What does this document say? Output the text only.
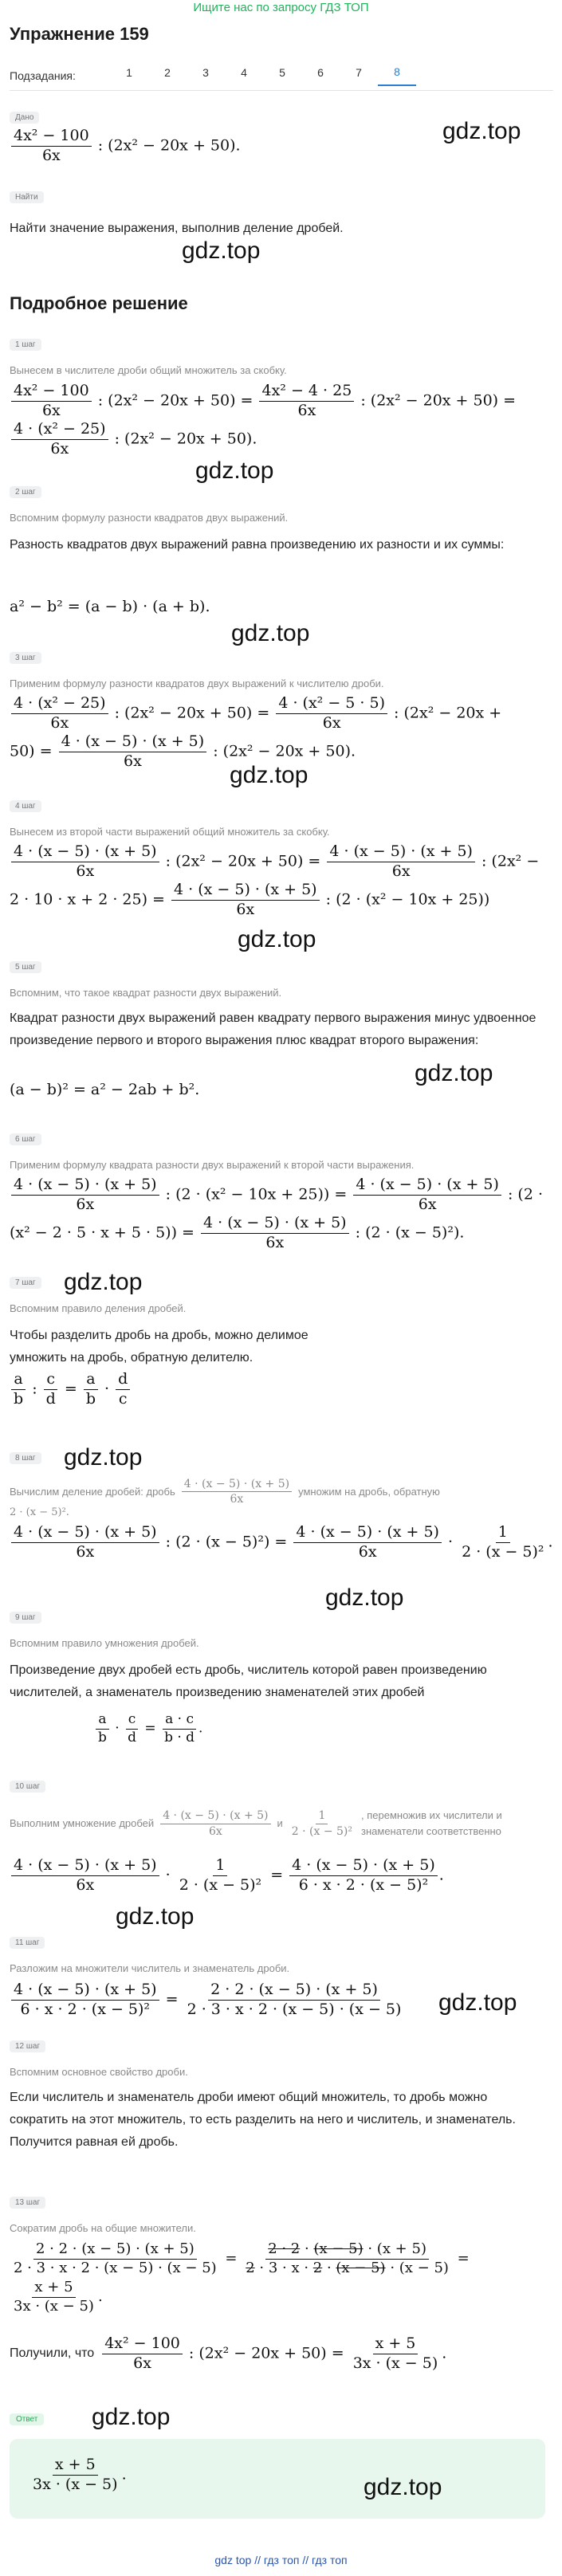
Ищите нас по запросу ГДЗ ТОП
Упражнение 159
Подзадания:	1	2	3	4	5	6	7	8
Дано
$\frac{\text{4x² − 100}}{6x}$ : (2x² − 20x + 50).
gdz.top
Найти
Найти значение выражения, выполнив деление дробей.
gdz.top
Подробное решение
1 шаг
Вынесем в числителе дроби общий множитель за скобку.
$\frac{\text{4x² − 100}}{6x}$ : $(2x^2 - 20x + 50) = \frac{\text{4x² − 4 · 25}}{6x}$ : (2x² − 20x + 50) =
$\frac{\text{4 · (x² − 25)}}{6x}$ : (2x² − 20x + 50).
gdz.top
2 шаг
Вспомним формулу разности квадратов двух выражений.
Разность квадратов двух выражений равна произведению их разности и их суммы:
a² − b² = (a − b) · (a + b).
gdz.top
3 шаг
Применим формулу разности квадратов двух выражений к числителю дроби.
$\frac{\text{4 · (x² − 25)}}{6x}$ : $(2x^2 - 20x + 50) = \frac{\text{4 · (x² − 5 · 5)}}{6x}$ : (2x² − 20x +
$50) = \frac{4 \cdot (x - 5) \cdot (x + 5)}{6x}$ : (2x² − 20x + 50).
gdz.top
4 шаг
Вынесем из второй части выражений общий множитель за скобку.
$\frac{4 \cdot (x - 5) \cdot (x + 5)}{6x}$ : $(2x^2 - 20x + 50) = \frac{4 \cdot (x - 5) \cdot (x + 5)}{6x}$ : (2x² −
$2 \cdot 10 \cdot x + 2 \cdot 25) = \frac{4 \cdot (x - 5) \cdot (x + 5)}{6x}$ : (2 · (x² − 10x + 25))
gdz.top
5 шаг
Вспомним, что такое квадрат разности двух выражений.
Квадрат разности двух выражений равен квадрату первого выражения минус удвоенное произведение первого и второго выражения плюс квадрат второго выражения:
(a − b)² = a² − 2ab + b².
gdz.top
6 шаг
Применим формулу квадрата разности двух выражений к второй части выражения.
$\frac{4 \cdot (x - 5) \cdot (x + 5)}{6x}$ : $(2 \cdot (x^2 - 10x + 25)) = \frac{4 \cdot (x - 5) \cdot (x + 5)}{6x}$ : (2 ·
$(x^2 - 2 \cdot 5 \cdot x + 5 \cdot 5)) = \frac{4 \cdot (x - 5) \cdot (x + 5)}{6x}$ : (2 · (x − 5)²).
7 шаг gdz.top
Вспомним правило деления дробей.
Чтобы разделить дробь на дробь, можно делимое умножить на дробь, обратную делителю.
$\frac{a}{b}$ : $\frac{c}{d} = \frac{a}{b} \cdot \frac{d}{c}$
8 шаг gdz.top
Вычислим деление дробей: дробь $\frac{4 \cdot (x - 5) \cdot (x + 5)}{6x}$ умножим на дробь, обратную
2 · (x − 5)².
$\frac{4 \cdot (x - 5) \cdot (x + 5)}{6x}$ : $(2 \cdot (x - 5)^2) = \frac{4 \cdot (x - 5) \cdot (x + 5)}{6x} \cdot \frac{1}{\text{2 · (x − 5)²}}$ .
gdz.top
9 шаг
Вспомним правило умножения дробей.
Произведение двух дробей есть дробь, числитель которой равен произведению числителей, а знаменатель произведению знаменателей этих дробей
$\frac{a}{b} \cdot \frac{c}{d} = \frac{a \cdot c}{b \cdot d}$ .
10 шаг
Выполним умножение дробей $\frac{4 \cdot (x - 5) \cdot (x + 5)}{6x}$ и $\frac{1}{\text{2 · (x − 5)²}}$ , перемножив их числители и знаменатели соответственно
$\frac{4 \cdot (x - 5) \cdot (x + 5)}{6x} \cdot \frac{1}{\text{2 · (x − 5)²}} = \frac{4 \cdot (x - 5) \cdot (x + 5)}{\text{6 · x · 2 · (x − 5)²}}$ .
gdz.top
11 шаг
Разложим на множители числитель и знаменатель дроби.
$\frac{4 \cdot (x - 5) \cdot (x + 5)}{\text{6 · x · 2 · (x − 5)²}} = \frac{2 \cdot 2 \cdot (x - 5) \cdot (x + 5)}{2 \cdot 3 \cdot x \cdot 2 \cdot (x - 5) \cdot (x - 5)} gdz.top$
12 шаг
Вспомним основное свойство дроби.
Если числитель и знаменатель дроби имеют общий множитель, то дробь можно сократить на этот множитель, то есть разделить на него и числитель, и знаменатель. Получится равная ей дробь.
13 шаг
Сократим дробь на общие множители.
$\frac{2 \cdot 2 \cdot (x - 5) \cdot (x + 5)}{2 \cdot 3 \cdot x \cdot 2 \cdot (x - 5) \cdot (x - 5)} = \frac{2 \cdot 2 \cdot (x - 5) \cdot (x + 5)}{2 \cdot 3 \cdot x \cdot 2 \cdot (x - 5) \cdot (x - 5)}$ =
$\frac{x + 5}{3x \cdot (x - 5)}$ .
Получили, что $\frac{\text{4x² − 100}}{6x}$ : $(2x^2 - 20x + 50) = \frac{x + 5}{3x \cdot (x - 5)}$ .
Ответ gdz.top
$\frac{x + 5}{3x \cdot (x - 5)}$ .	gdz.top
gdz top // гдз топ // гдз топ
